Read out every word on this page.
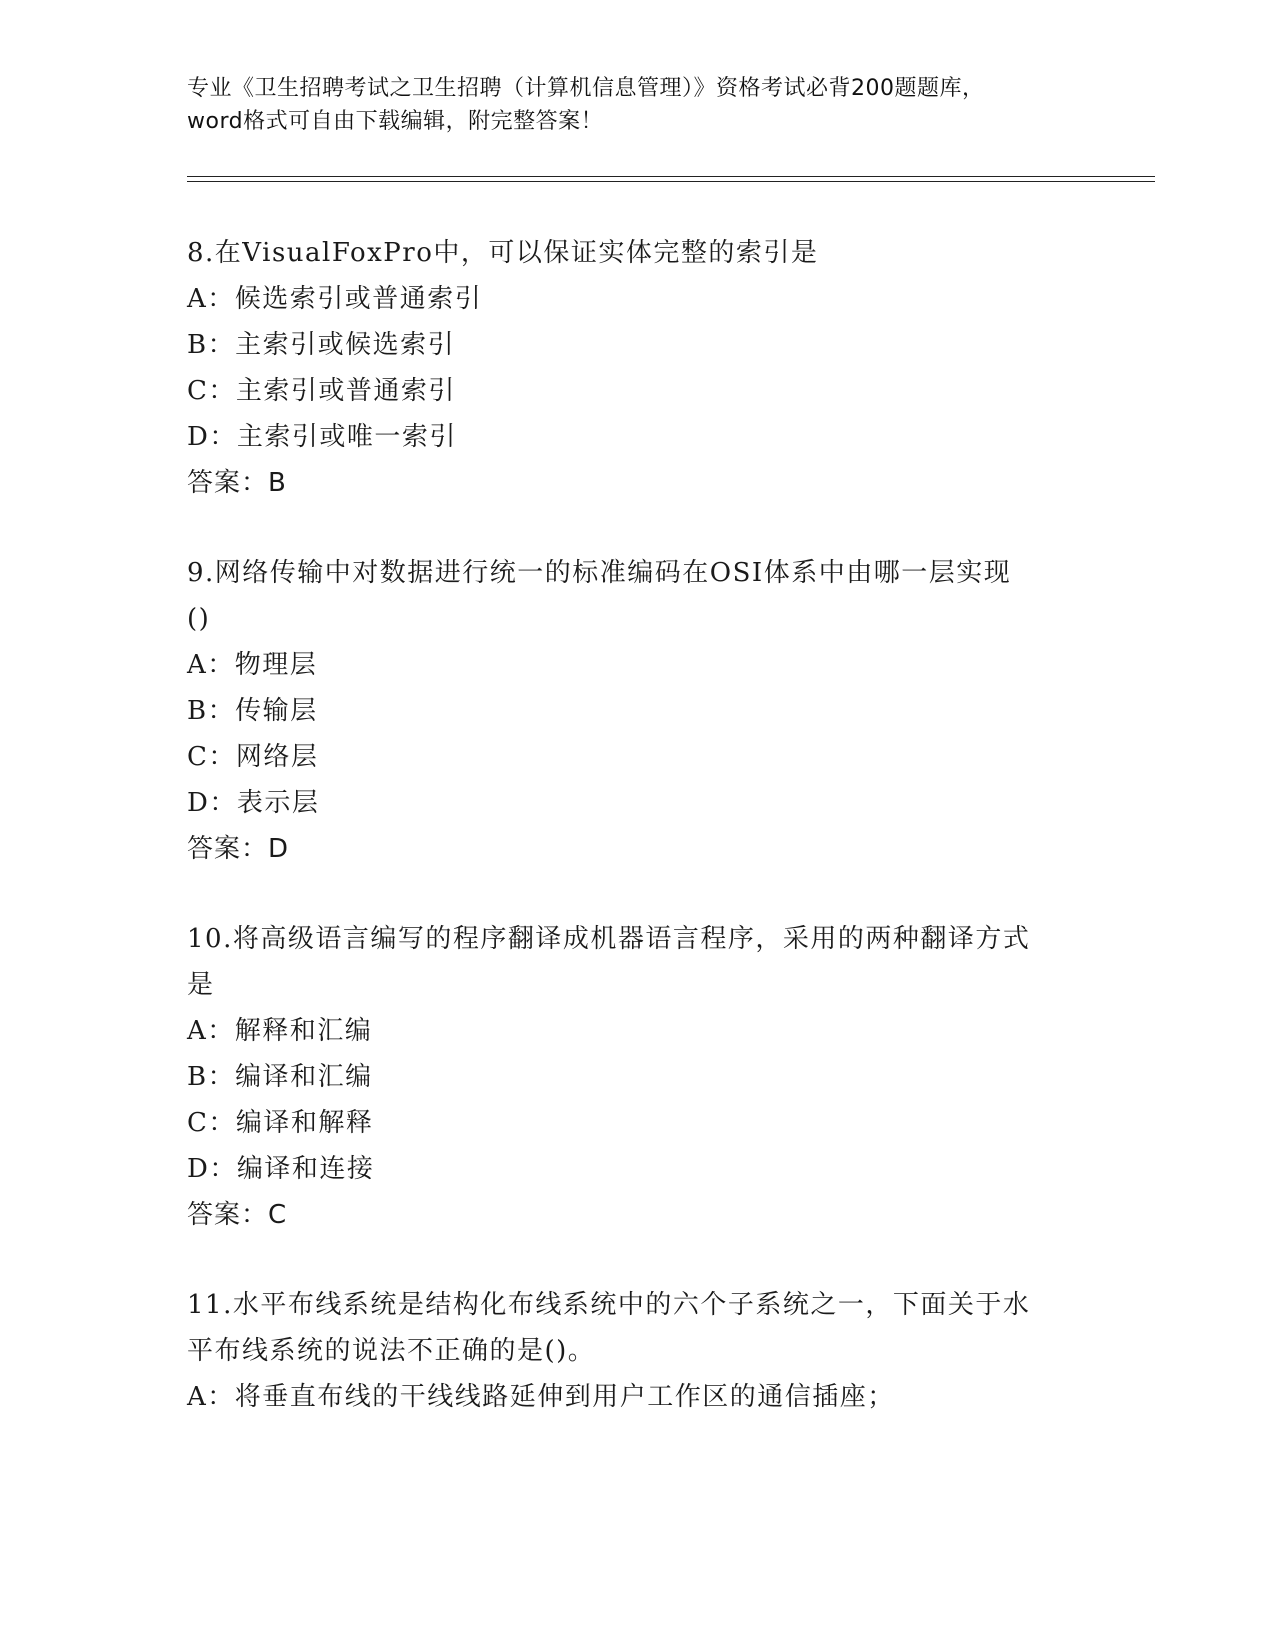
专业《卫生招聘考试之卫生招聘（计算机信息管理）》资格考试必背200题题库，
word格式可自由下载编辑，附完整答案！
8.在VisualFoxPro中，可以保证实体完整的索引是
A：候选索引或普通索引
B：主索引或候选索引
C：主索引或普通索引
D：主索引或唯一索引
答案：B
9.网络传输中对数据进行统一的标准编码在OSI体系中由哪一层实现
()
A：物理层
B：传输层
C：网络层
D：表示层
答案：D
10.将高级语言编写的程序翻译成机器语言程序，采用的两种翻译方式
是
A：解释和汇编
B：编译和汇编
C：编译和解释
D：编译和连接
答案：C
11.水平布线系统是结构化布线系统中的六个子系统之一，下面关于水
平布线系统的说法不正确的是()。
A：将垂直布线的干线线路延伸到用户工作区的通信插座；
